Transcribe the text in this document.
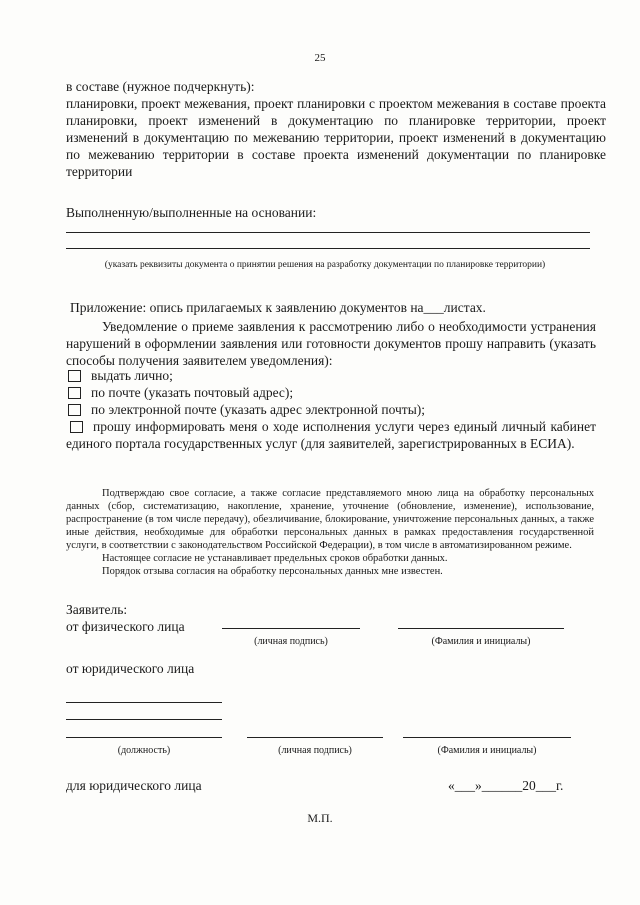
25
в составе (нужное подчеркнуть):
планировки, проект межевания, проект планировки с проектом межевания в составе проекта планировки, проект изменений в документацию по планировке территории, проект изменений в документацию по межеванию территории, проект изменений в документацию по межеванию территории в составе проекта изменений документации по планировке территории
Выполненную/выполненные на основании:
(указать реквизиты документа о принятии решения на разработку документации по планировке территории)
Приложение: опись прилагаемых к заявлению документов на___листах.
Уведомление о приеме заявления к рассмотрению либо о необходимости устранения нарушений в оформлении заявления или готовности документов прошу направить (указать способы получения заявителем уведомления):
выдать лично;
по почте (указать почтовый адрес);
по электронной почте (указать адрес электронной почты);
прошу информировать меня о ходе исполнения услуги через единый личный кабинет единого портала государственных услуг (для заявителей, зарегистрированных в ЕСИА).
Подтверждаю свое согласие, а также согласие представляемого мною лица на обработку персональных данных (сбор, систематизацию, накопление, хранение, уточнение (обновление, изменение), использование, распространение (в том числе передачу), обезличивание, блокирование, уничтожение персональных данных, а также иные действия, необходимые для обработки персональных данных в рамках предоставления государственной услуги, в соответствии с законодательством Российской Федерации), в том числе в автоматизированном режиме.
Настоящее согласие не устанавливает предельных сроков обработки данных.
Порядок отзыва согласия на обработку персональных данных мне известен.
Заявитель:
от физического лица
(личная подпись)	(Фамилия и инициалы)
от юридического лица
(должность)	(личная подпись)	(Фамилия и инициалы)
для юридического лица	«___»______20___г.
М.П.
